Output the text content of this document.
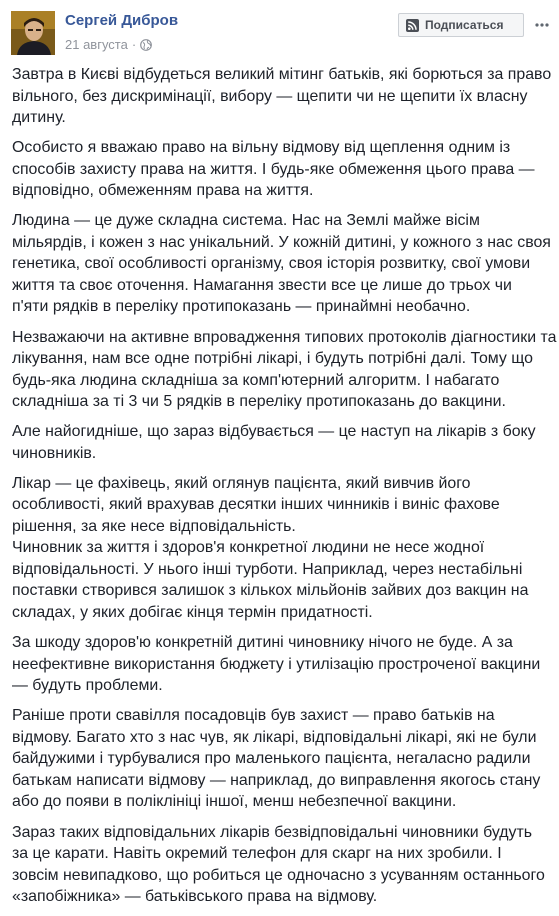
Сергей Дибров
21 августа ·
Подписаться

Завтра в Києві відбудеться великий мітинг батьків, які борються за право
вільного, без дискримінації, вибору — щепити чи не щепити їх власну
дитину.

Особисто я вважаю право на вільну відмову від щеплення одним із
способів захисту права на життя. І будь-яке обмеження цього права —
відповідно, обмеженням права на життя.

Людина — це дуже складна система. Нас на Землі майже вісім
мільярдів, і кожен з нас унікальний. У кожній дитині, у кожного з нас своя
генетика, свої особливості організму, своя історія розвитку, свої умови
життя та своє оточення. Намагання звести все це лише до трьох чи
п'яти рядків в переліку протипоказань — принаймні необачно.

Незважаючи на активне впровадження типових протоколів діагностики та
лікування, нам все одне потрібні лікарі, і будуть потрібні далі. Тому що
будь-яка людина складніша за комп'ютерний алгоритм. І набагато
складніша за ті 3 чи 5 рядків в переліку протипоказань до вакцини.

Але найогидніше, що зараз відбувається — це наступ на лікарів з боку
чиновників.

Лікар — це фахівець, який оглянув пацієнта, який вивчив його
особливості, який врахував десятки інших чинників і виніс фахове
рішення, за яке несе відповідальність.

Чиновник за життя і здоров'я конкретної людини не несе жодної
відповідальності. У нього інші турботи. Наприклад, через нестабільні
поставки створився залишок з кількох мільйонів зайвих доз вакцин на
складах, у яких добігає кінця термін придатності.

За шкоду здоров'ю конкретній дитині чиновнику нічого не буде. А за
неефективне використання бюджету і утилізацію простроченої вакцини
— будуть проблеми.

Раніше проти свавілля посадовців був захист — право батьків на
відмову. Багато хто з нас чув, як лікарі, відповідальні лікарі, які не були
байдужими і турбувалися про маленького пацієнта, негаласно радили
батькам написати відмову — наприклад, до виправлення якогось стану
або до появи в поліклініці іншої, менш небезпечної вакцини.

Зараз таких відповідальних лікарів безвідповідальні чиновники будуть
за це карати. Навіть окремий телефон для скарг на них зробили. І
зовсім невипадково, що робиться це одночасно з усуванням останнього
«запобіжника» — батьківського права на відмову.
